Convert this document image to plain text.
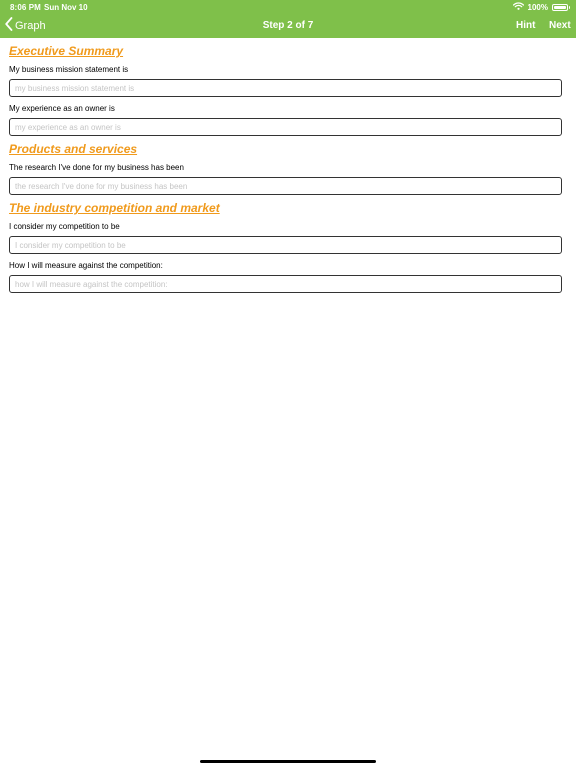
8:06 PM Sun Nov 10	100%
Graph	Step 2 of 7	Hint Next
Executive Summary
My business mission statement is
my business mission statement is
My experience as an owner is
my experience as an owner is
Products and services
The research I've done for my business has been
the research I've done for my business has been
The industry competition and market
I consider my competition to be
I consider my competition to be
How I will measure against the competition:
how I will measure against the competition:
